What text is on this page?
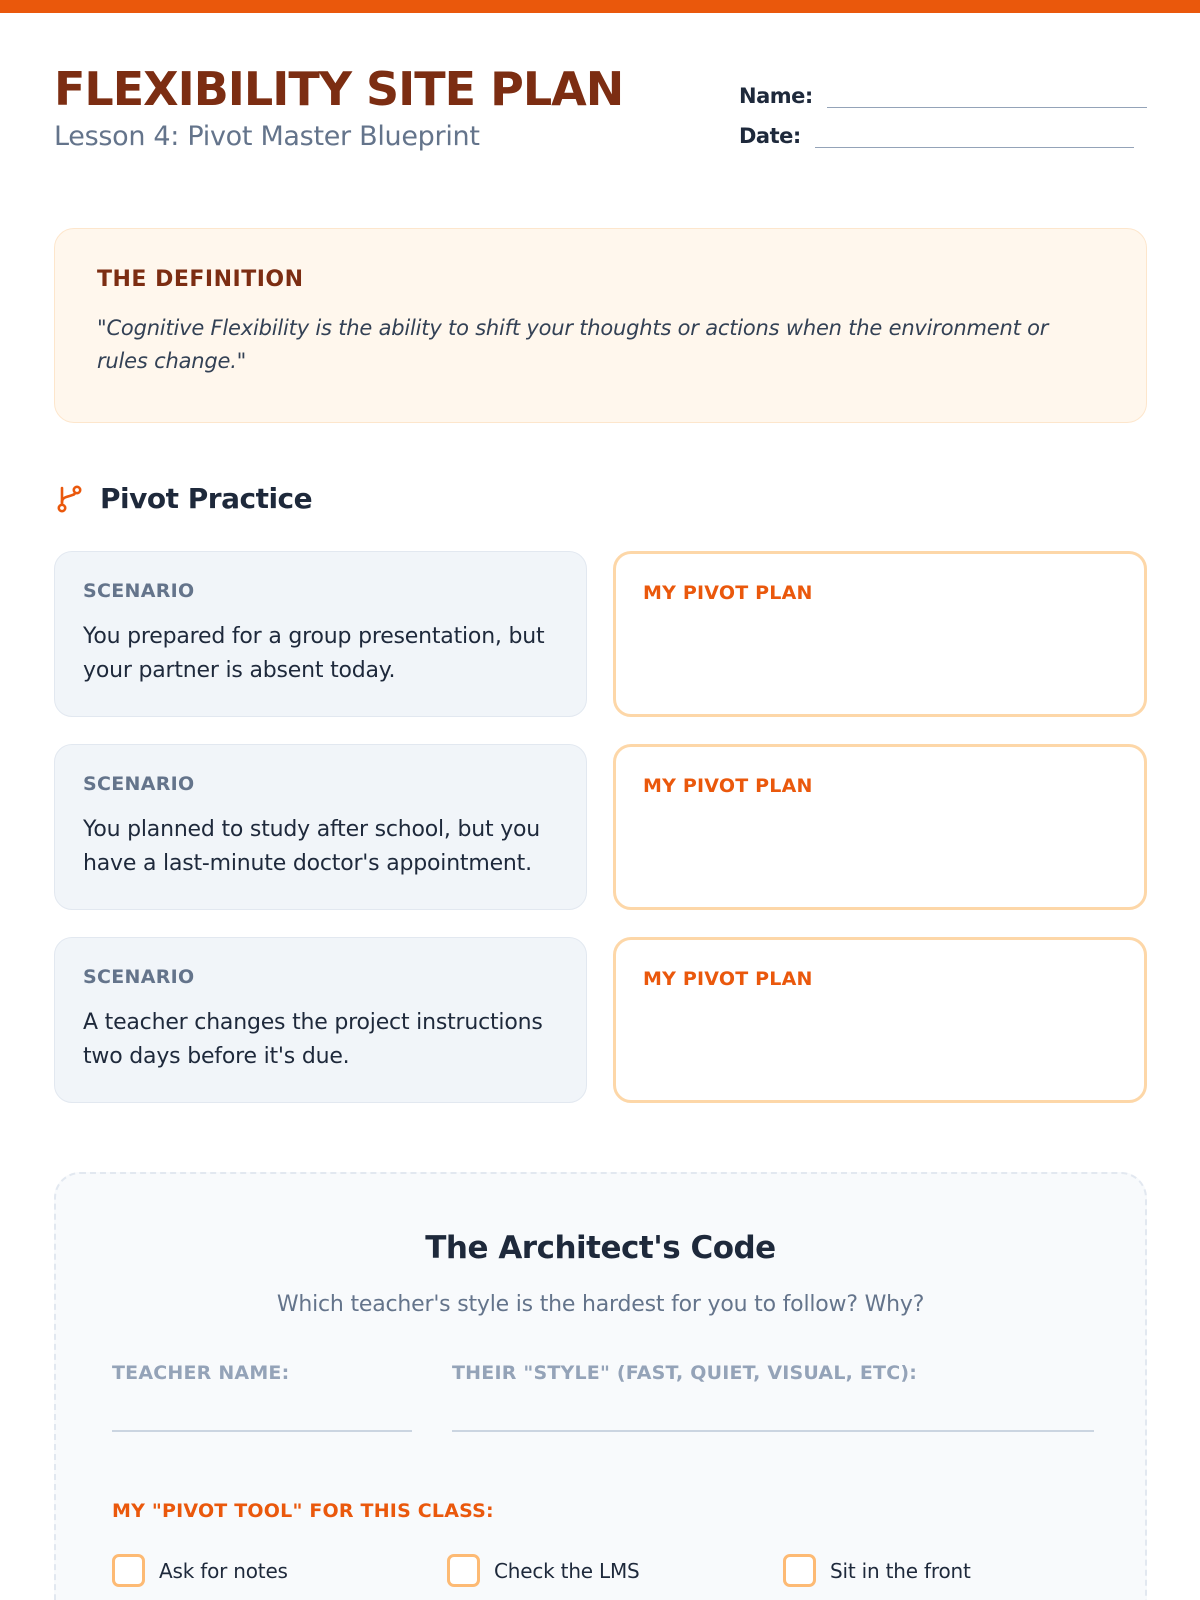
FLEXIBILITY SITE PLAN
Lesson 4: Pivot Master Blueprint
Name:
Date:
THE DEFINITION
"Cognitive Flexibility is the ability to shift your thoughts or actions when the environment or rules change."
Pivot Practice
SCENARIO
You prepared for a group presentation, but your partner is absent today.
MY PIVOT PLAN
SCENARIO
You planned to study after school, but you have a last-minute doctor's appointment.
MY PIVOT PLAN
SCENARIO
A teacher changes the project instructions two days before it's due.
MY PIVOT PLAN
The Architect's Code
Which teacher's style is the hardest for you to follow? Why?
TEACHER NAME:	THEIR "STYLE" (FAST, QUIET, VISUAL, ETC):
MY "PIVOT TOOL" FOR THIS CLASS:
Ask for notes	Check the LMS	Sit in the front
